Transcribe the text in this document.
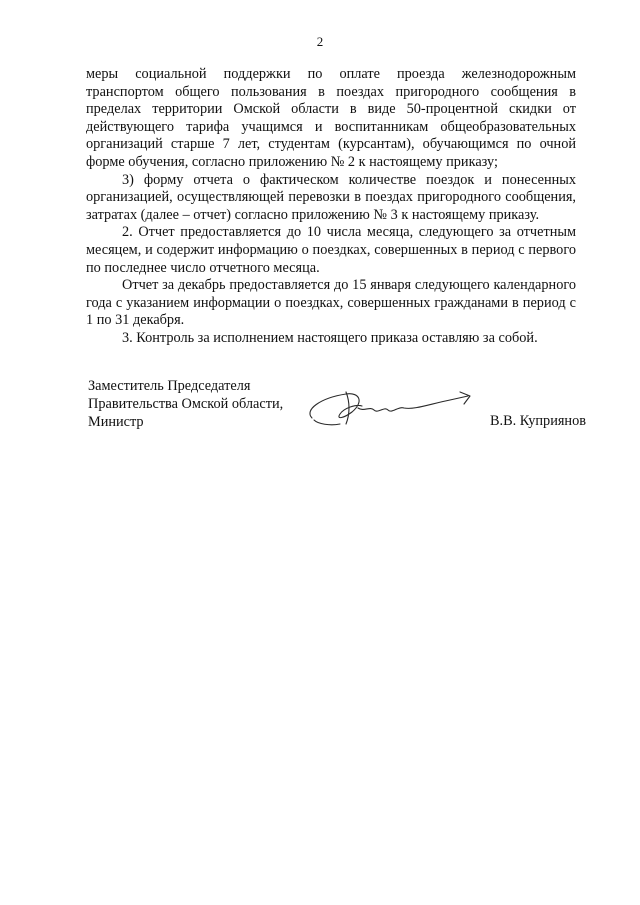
2

меры социальной поддержки по оплате проезда железнодорожным транспортом общего пользования в поездах пригородного сообщения в пределах территории Омской области в виде 50-процентной скидки от действующего тарифа учащимся и воспитанникам общеобразовательных организаций старше 7 лет, студентам (курсантам), обучающимся по очной форме обучения, согласно приложению № 2 к настоящему приказу;

3) форму отчета о фактическом количестве поездок и понесенных организацией, осуществляющей перевозки в поездах пригородного сообщения, затратах (далее – отчет) согласно приложению № 3 к настоящему приказу.

2. Отчет предоставляется до 10 числа месяца, следующего за отчетным месяцем, и содержит информацию о поездках, совершенных в период с первого по последнее число отчетного месяца.

Отчет за декабрь предоставляется до 15 января следующего календарного года с указанием информации о поездках, совершенных гражданами в период с 1 по 31 декабря.

3. Контроль за исполнением настоящего приказа оставляю за собой.

Заместитель Председателя
Правительства Омской области,
Министр	В.В. Куприянов
